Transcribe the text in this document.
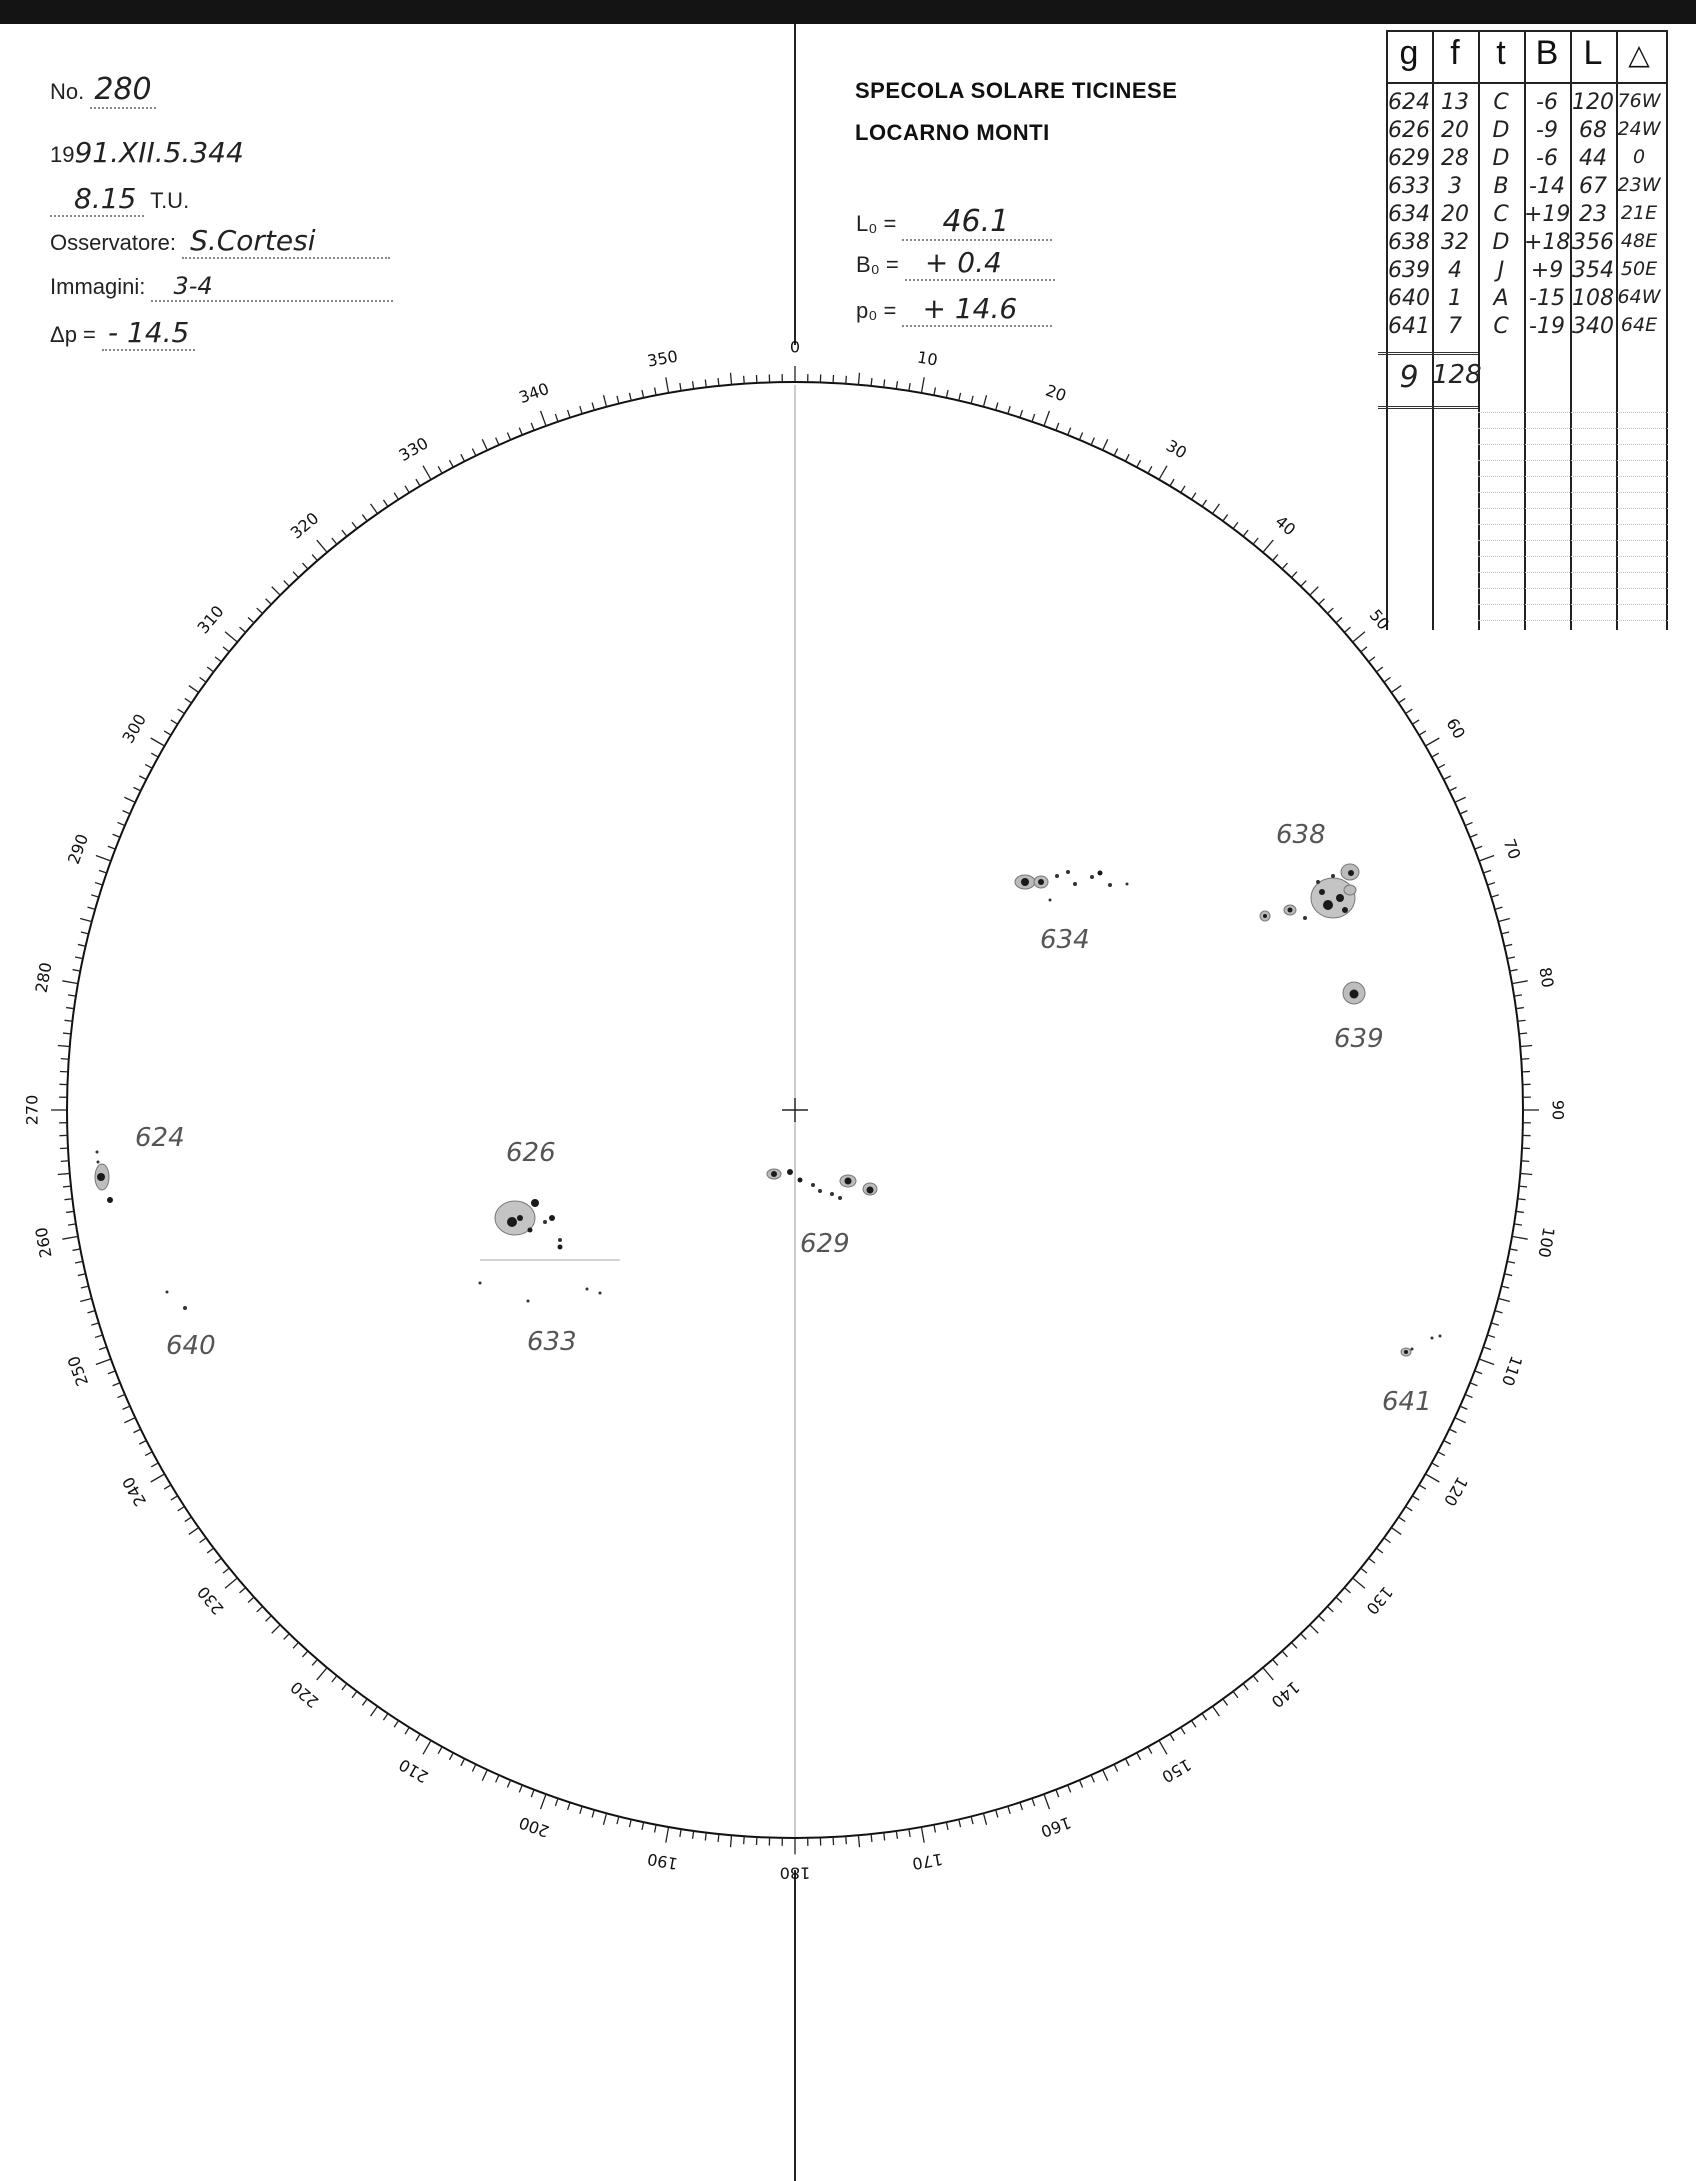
No. 280
1991.XII.5.344
8.15 T.U.
Osservatore: S.Cortesi
Immagini: 3-4
Δp = - 14.5
SPECOLA SOLARE TICINESE
LOCARNO MONTI
L₀ = 46.1
B₀ = + 0.4
p₀ = + 14.6
g f	t B L △
9 128
624 13	C	-6 120 76W
626 20	D	-9 68 24W
629 28	D	-6 44	0
633 3	B -14 67 23W
634 20	C +19 23 21E
638 32	D +18 356 48E
639 4	J	+9 354 50E
640 1	A -15 108 64W
641 7	C -19 340 64E
0
10
20
30
40
50
60
70
80
90
100
110
120
130
140
150
160
170
180
190
200
210
220
230
240
250
260
270
280
290
300
310
320
330
340
350
624	626
629
633
634
638
639
640
641
